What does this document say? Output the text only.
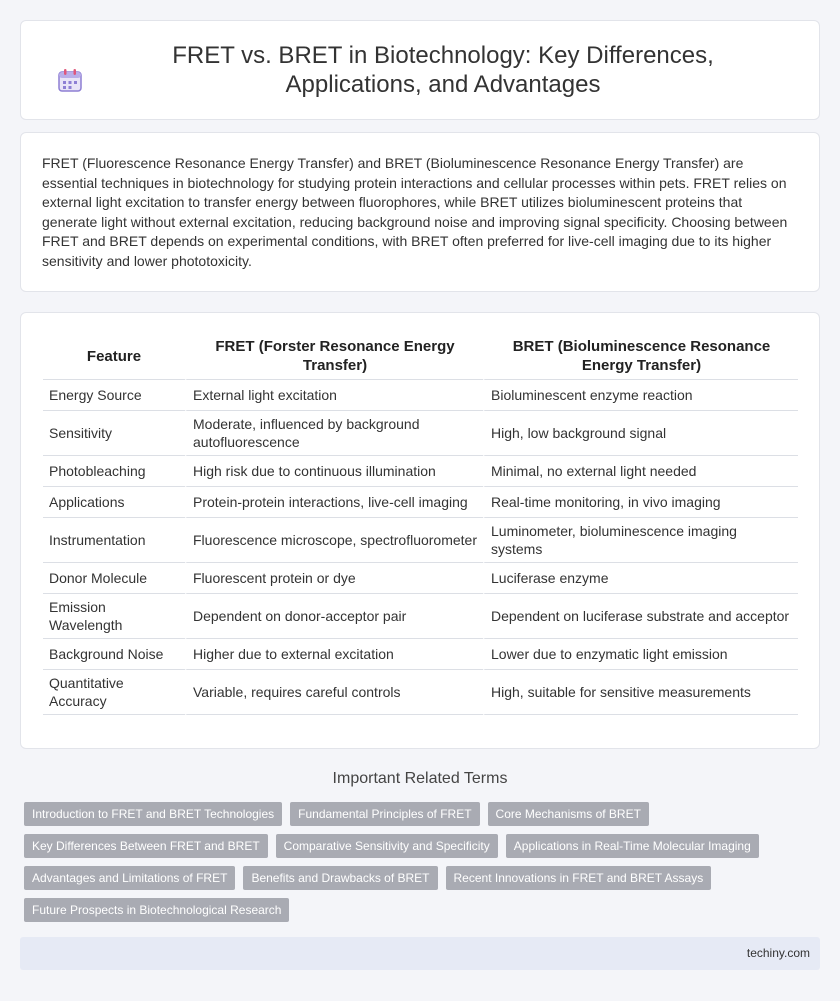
FRET vs. BRET in Biotechnology: Key Differences, Applications, and Advantages

FRET (Fluorescence Resonance Energy Transfer) and BRET (Bioluminescence Resonance Energy Transfer) are essential techniques in biotechnology for studying protein interactions and cellular processes within pets. FRET relies on external light excitation to transfer energy between fluorophores, while BRET utilizes bioluminescent proteins that generate light without external excitation, reducing background noise and improving signal specificity. Choosing between FRET and BRET depends on experimental conditions, with BRET often preferred for live-cell imaging due to its higher sensitivity and lower phototoxicity.

Feature	FRET (Forster Resonance Energy Transfer)	BRET (Bioluminescence Resonance Energy Transfer)
Energy Source	External light excitation	Bioluminescent enzyme reaction
Sensitivity	Moderate, influenced by background autofluorescence	High, low background signal
Photobleaching	High risk due to continuous illumination	Minimal, no external light needed
Applications	Protein-protein interactions, live-cell imaging	Real-time monitoring, in vivo imaging
Instrumentation	Fluorescence microscope, spectrofluorometer	Luminometer, bioluminescence imaging systems
Donor Molecule	Fluorescent protein or dye	Luciferase enzyme
Emission Wavelength	Dependent on donor-acceptor pair	Dependent on luciferase substrate and acceptor
Background Noise	Higher due to external excitation	Lower due to enzymatic light emission
Quantitative Accuracy	Variable, requires careful controls	High, suitable for sensitive measurements
Important Related Terms
Introduction to FRET and BRET Technologies	Fundamental Principles of FRET	Core Mechanisms of BRET
Key Differences Between FRET and BRET	Comparative Sensitivity and Specificity	Applications in Real-Time Molecular Imaging
Advantages and Limitations of FRET	Benefits and Drawbacks of BRET	Recent Innovations in FRET and BRET Assays
Future Prospects in Biotechnological Research
techiny.com
